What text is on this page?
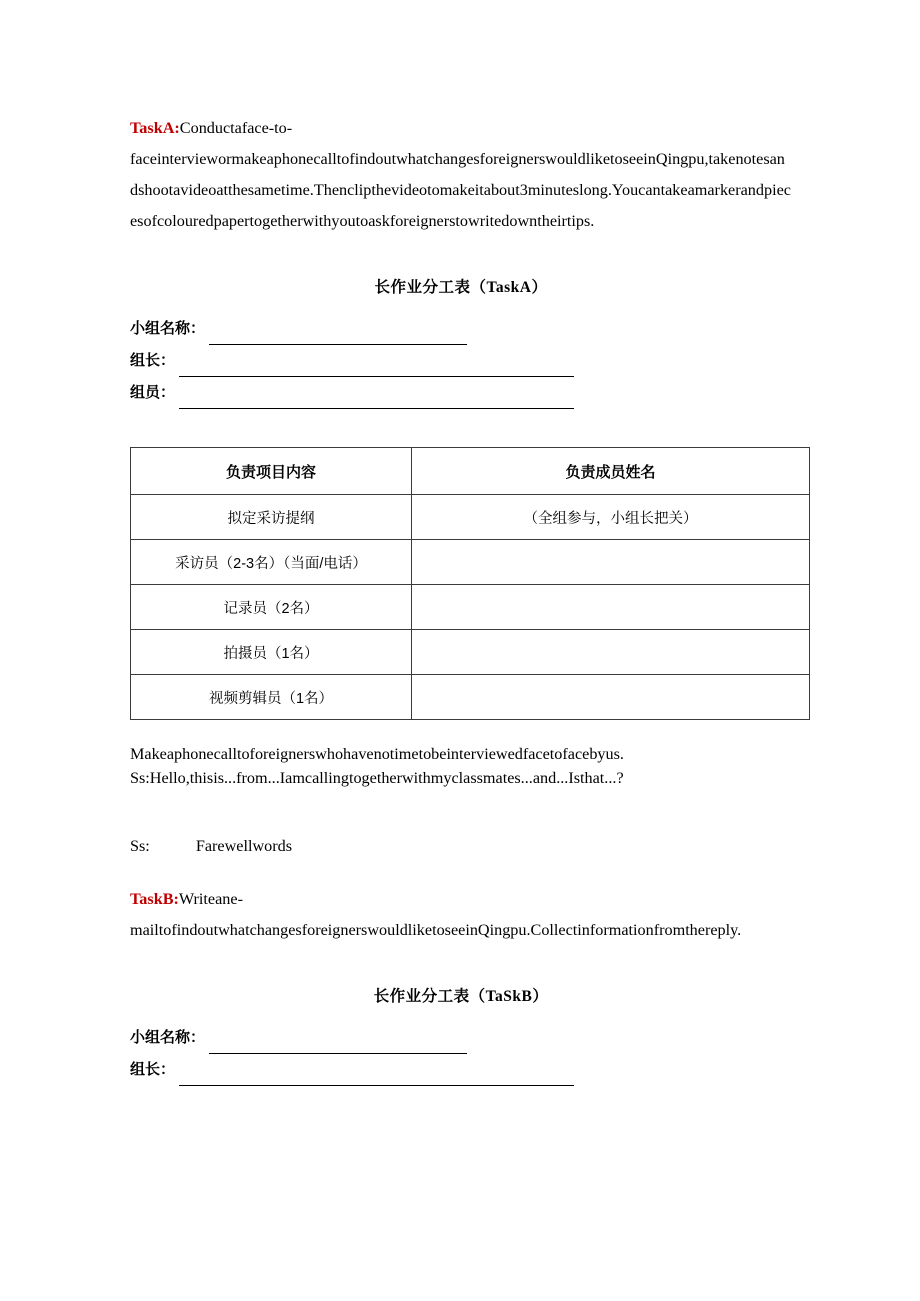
TaskA:Conductaface-to-
faceinterviewormakeaphonecalltofindoutwhatchangesforeignerswouldliketoseeinQingpu,takenotesandshootavideoatthesametime.Thenclipthevideotomakeitabout3minuteslong.Youcantakeamarkerandpiecesofcolouredpapertogetherwithyoutoaskforeignerstowritedowntheirtips.

长作业分工表（TaskA）
小组名称：
组长：
组员：
负责项目内容	负责成员姓名
拟定采访提纲	（全组参与，小组长把关）
采访员（2-3名）（当面/电话）	
记录员（2名）	
拍摄员（1名）	
视频剪辑员（1名）	
Makeaphonecalltoforeignerswhohavenotimetobeinterviewedfacetofacebyus.
Ss:Hello,thisis...from...Iamcallingtogetherwithmyclassmates...and...Isthat...?
Ss:	Farewellwords

TaskB:Writeane-
mailtofindoutwhatchangesforeignerswouldliketoseeinQingpu.Collectinformationfromthereply.

长作业分工表（TaSkB）
小组名称：
组长：
